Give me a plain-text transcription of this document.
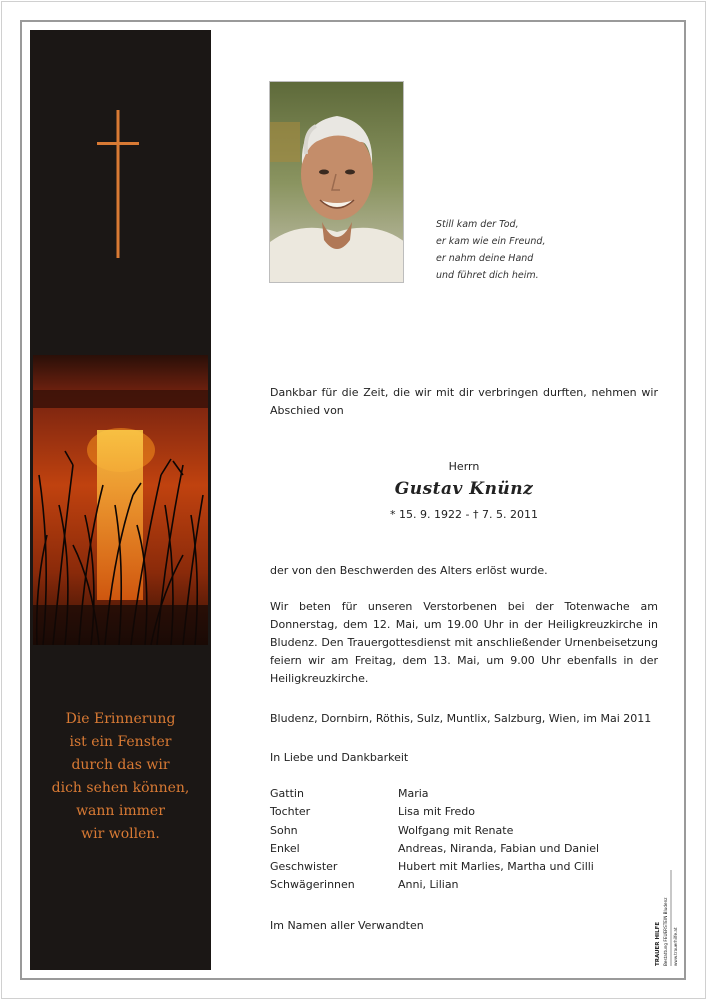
Die Erinnerung
ist ein Fenster
durch das wir
dich sehen können,
wann immer
wir wollen.
Still kam der Tod,
er kam wie ein Freund,
er nahm deine Hand
und führet dich heim.
Dankbar für die Zeit, die wir mit dir verbringen durften, nehmen wir Abschied von
Herrn
Gustav Knünz
* 15. 9. 1922 - † 7. 5. 2011
der von den Beschwerden des Alters erlöst wurde.
Wir beten für unseren Verstorbenen bei der Totenwache am Donnerstag, dem 12. Mai, um 19.00 Uhr in der Heiligkreuzkirche in Bludenz. Den Trauergottesdienst mit anschließender Urnenbeisetzung feiern wir am Freitag, dem 13. Mai, um 9.00 Uhr ebenfalls in der Heiligkreuzkirche.
Bludenz, Dornbirn, Röthis, Sulz, Muntlix, Salzburg, Wien, im Mai 2011
In Liebe und Dankbarkeit
Gattin	Maria
Tochter	Lisa mit Fredo
Sohn	Wolfgang mit Renate
Enkel	Andreas, Niranda, Fabian und Daniel
Geschwister	Hubert mit Marlies, Martha und Cilli
Schwägerinnen	Anni, Lilian
Im Namen aller Verwandten	TRAUER HILFE Bestattung FEUERSTEIN Bludenz www.trauerhilfe.at
